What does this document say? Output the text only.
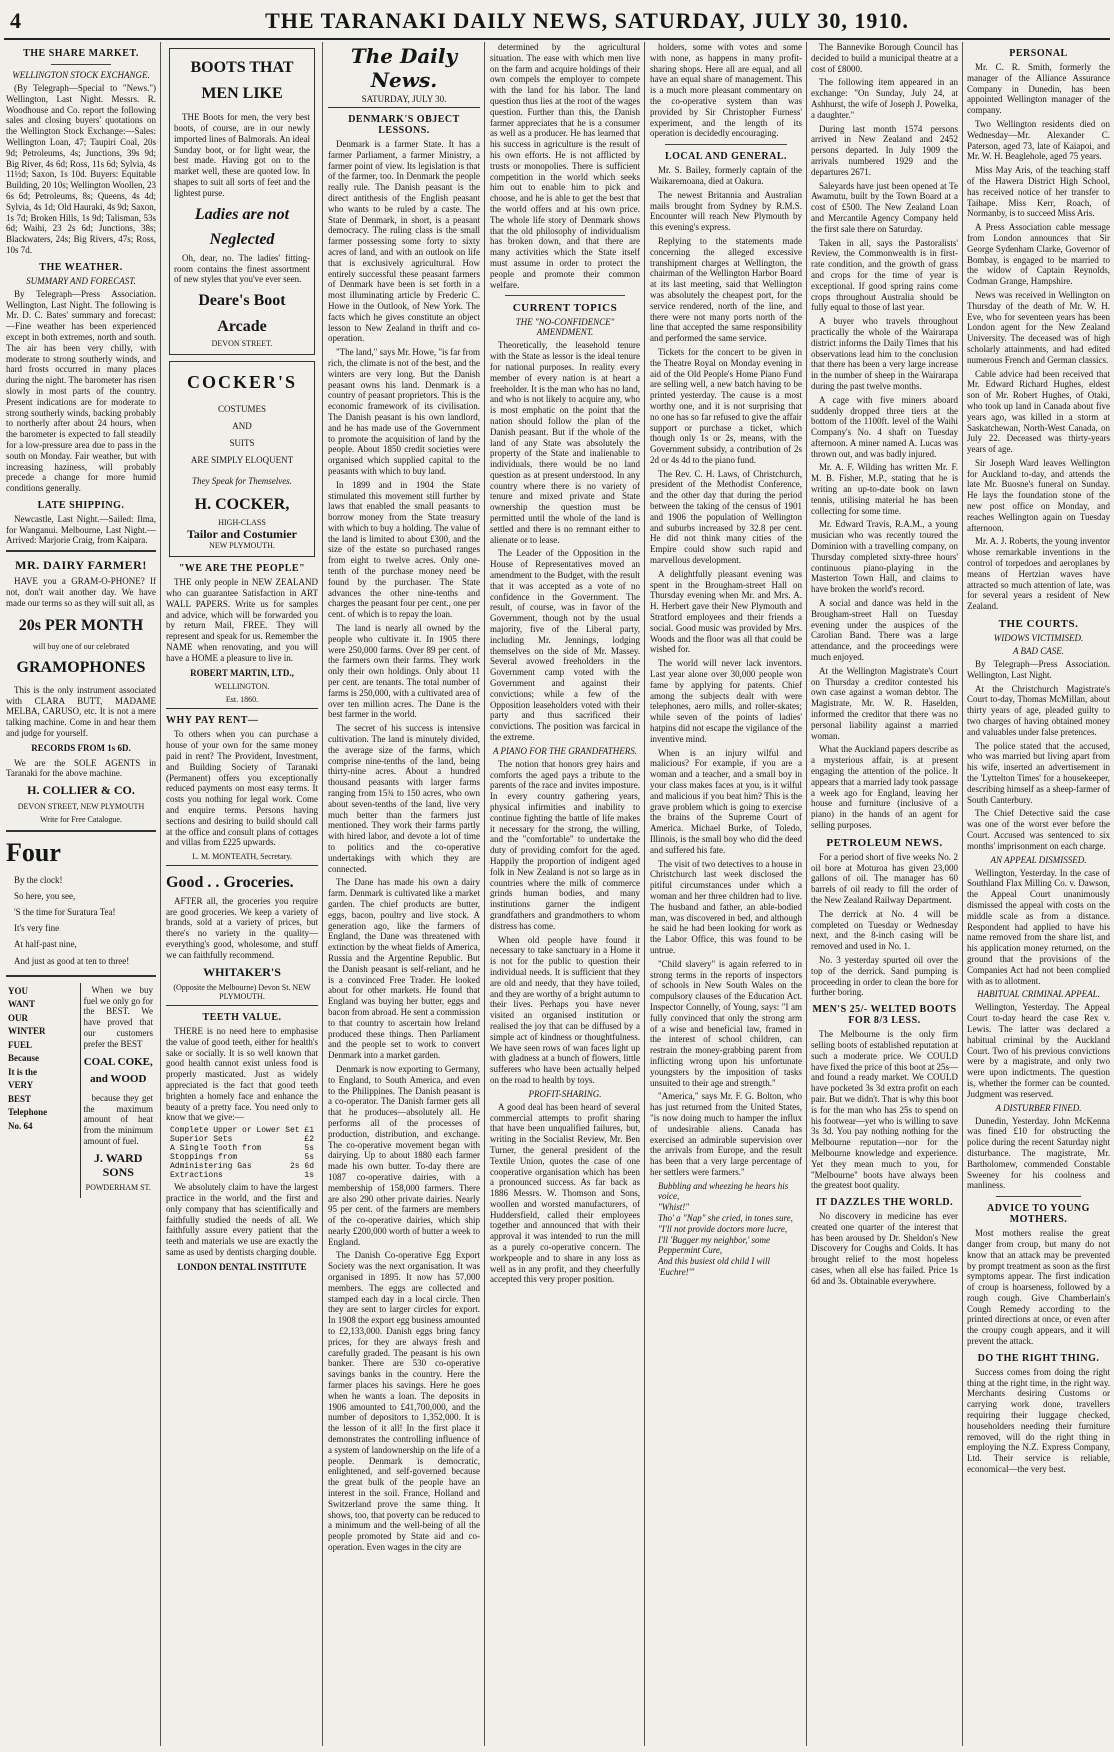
4	THE TARANAKI DAILY NEWS, SATURDAY, JULY 30, 1910.
THE SHARE MARKET.
WELLINGTON STOCK EXCHANGE.

(By Telegraph—Special to "News.") Wellington, Last Night. Messrs. R. Woodhouse and Co. report the following sales and closing buyers' quotations on the Wellington Stock Exchange:—Sales: Wellington Loan, 47; Taupiri Coal, 20s 9d; Petroleums, 4s; Junctions, 39s 9d; Big River, 4s 6d; Ross, 11s 6d; Sylvia, 4s 11½d; Saxon, 1s 10d. Buyers: Equitable Building, 20 10s; Wellington Woollen, 23 6s 6d; Petroleums, 8s; Queens, 4s 4d; Sylvia, 4s 1d; Old Hauraki, 4s 9d; Saxon, 1s 7d; Broken Hills, 1s 9d; Talisman, 53s 6d; Waihi, 23 2s 6d; Junctions, 38s; Blackwaters, 24s; Big Rivers, 47s; Ross, 10s 7d.

THE WEATHER.
SUMMARY AND FORECAST.

By Telegraph—Press Association. Wellington, Last Night. The following is Mr. D. C. Bates' summary and forecast:—Fine weather has been experienced except in both extremes, north and south. The air has been very chilly, with moderate to strong southerly winds, and hard frosts occurred in many places during the night. The barometer has risen slowly in most parts of the country. Present indications are for moderate to strong southerly winds, backing probably to northerly after about 24 hours, when the barometer is expected to fall steadily for a low-pressure area due to pass in the south on Monday. Fair weather, but with increasing haziness, will probably precede a change for more humid conditions generally.

LATE SHIPPING.

Newcastle, Last Night.—Sailed: Ilma, for Wanganui. Melbourne, Last Night.—Arrived: Marjorie Craig, from Kaipara.

MR. DAIRY FARMER!

HAVE you a GRAM-O-PHONE? If not, don't wait another day. We have made our terms so as they will suit all, as

20s PER MONTH
will buy one of our celebrated
GRAMOPHONES

This is the only instrument associated with CLARA BUTT, MADAME MELBA, CARUSO, etc. It is not a mere talking machine. Come in and hear them and judge for yourself.

RECORDS FROM 1s 6D.

We are the SOLE AGENTS in Taranaki for the above machine.

H. COLLIER & CO.
DEVON STREET, NEW PLYMOUTH
Write for Free Catalogue.
Four
By the clock!
So here, you see,
'S the time for Suratura Tea!
It's very fine
At half-past nine,
And just as good at ten to three!
YOU
WANT
OUR
WINTER
FUEL
Because
It is the
VERY
BEST
Telephone
No. 64

When we buy fuel we only go for the BEST. We have proved that our customers prefer the BEST

COAL COKE, and WOOD

because they get the maximum amount of heat from the minimum amount of fuel.

J. WARD SONS
POWDERHAM ST.
BOOTS THAT MEN LIKE

THE Boots for men, the very best boots, of course, are in our newly imported lines of Balmorals. An ideal Sunday boot, or for light wear, the best made. Having got on to the market well, these are quoted low. In shapes to suit all sorts of feet and the lightest purse.

Ladies are not Neglected

Oh, dear, no. The ladies' fitting-room contains the finest assortment of new styles that you've ever seen.

Deare's Boot Arcade
DEVON STREET.
COCKER'S
COSTUMES
AND
SUITS
ARE SIMPLY ELOQUENT
They Speak for Themselves.
H. COCKER,
HIGH-CLASS
Tailor and Costumier
NEW PLYMOUTH.
"WE ARE THE PEOPLE"

THE only people in NEW ZEALAND who can guarantee Satisfaction in ART WALL PAPERS. Write us for samples and advice, which will be forwarded you by return Mail, FREE. They will represent and speak for us. Remember the NAME when renovating, and you will have a HOME a pleasure to live in.

ROBERT MARTIN, LTD.,
WELLINGTON.
Est. 1860.
WHY PAY RENT—

To others when you can purchase a house of your own for the same money paid in rent? The Provident, Investment, and Building Society of Taranaki (Permanent) offers you exceptionally reduced payments on most easy terms. It costs you nothing for legal work. Come and enquire terms. Persons having sections and desiring to build should call at the office and consult plans of cottages and villas from £225 upwards.

L. M. MONTEATH, Secretary.
Good . . Groceries.

AFTER all, the groceries you require are good groceries. We keep a variety of brands, sold at a variety of prices, but there's no variety in the quality—everything's good, wholesome, and stuff we can faithfully recommend.

WHITAKER'S
(Opposite the Melbourne) Devon St. NEW PLYMOUTH.
TEETH VALUE.

THERE is no need here to emphasise the value of good teeth, either for health's sake or socially. It is so well known that good health cannot exist unless food is properly masticated. Just as widely appreciated is the fact that good teeth brighten a homely face and enhance the beauty of a pretty face. You need only to know that we give:—

Complete Upper or Lower Set £1
Superior Sets	£2
A Single Tooth from	5s
Stoppings from	5s
Administering Gas	2s 6d
Extractions	1s

We absolutely claim to have the largest practice in the world, and the first and only company that has scientifically and faithfully studied the needs of all. We faithfully assure every patient that the teeth and materials we use are exactly the same as used by dentists charging double.

LONDON DENTAL INSTITUTE
The Daily News.
SATURDAY, JULY 30.
DENMARK'S OBJECT LESSONS.

Denmark is a farmer State. It has a farmer Parliament, a farmer Ministry, a farmer point of view. Its legislation is that of the farmer, too. In Denmark the people really rule. The Danish peasant is the direct antithesis of the English peasant who wants to be ruled by a caste. The State of Denmark, in short, is a peasant democracy. The ruling class is the small farmer possessing some forty to sixty acres of land, and with an outlook on life that is exclusively agricultural. How entirely successful these peasant farmers of Denmark have been is set forth in a most illuminating article by Frederic C. Howe in the Outlook, of New York. The facts which he gives constitute an object lesson to New Zealand in thrift and co-operation.

"The land," says Mr. Howe, "is far from rich, the climate is not of the best, and the winters are very long. But the Danish peasant owns his land. Denmark is a country of peasant proprietors. This is the economic framework of its civilisation. The Danish peasant is his own landlord, and he has made use of the Government to promote the acquisition of land by the people. About 1850 credit societies were organised which supplied capital to the peasants with which to buy land.

In 1899 and in 1904 the State stimulated this movement still further by laws that enabled the small peasants to borrow money from the State treasury with which to buy a holding. The value of the land is limited to about £300, and the size of the estate so purchased ranges from eight to twelve acres. Only one-tenth of the purchase money need be found by the purchaser. The State advances the other nine-tenths and charges the peasant four per cent., one per cent. of which is to repay the loan.

The land is nearly all owned by the people who cultivate it. In 1905 there were 250,000 farms. Over 89 per cent. of the farmers own their farms. They work only their own holdings. Only about 11 per cent. are tenants. The total number of farms is 250,000, with a cultivated area of over ten million acres. The Dane is the best farmer in the world.

The secret of his success is intensive cultivation. The land is minutely divided, the average size of the farms, which comprise nine-tenths of the land, being thirty-nine acres. About a hundred thousand peasants with larger farms ranging from 15¾ to 150 acres, who own about seven-tenths of the land, live very much better than the farmers just mentioned. They work their farms partly with hired labor, and devote a lot of time to politics and the co-operative undertakings with which they are connected.

The Dane has made his own a dairy farm. Denmark is cultivated like a market garden. The chief products are butter, eggs, bacon, poultry and live stock. A generation ago, like the farmers of England, the Dane was threatened with extinction by the wheat fields of America, Russia and the Argentine Republic. But the Danish peasant is self-reliant, and he is a convinced Free Trader. He looked about for other markets. He found that England was buying her butter, eggs and bacon from abroad. He sent a commission to that country to ascertain how Ireland produced these things. Then Parliament and the people set to work to convert Denmark into a market garden.

Denmark is now exporting to Germany, to England, to South America, and even to the Philippines. The Danish peasant is a co-operator. The Danish farmer gets all that he produces—absolutely all. He performs all of the processes of production, distribution, and exchange. The co-operative movement began with dairying. Up to about 1880 each farmer made his own butter. To-day there are 1087 co-operative dairies, with a membership of 158,000 farmers. There are also 290 other private dairies. Nearly 95 per cent. of the farmers are members of the co-operative dairies, which ship nearly £200,000 worth of butter a week to England.

The Danish Co-operative Egg Export Society was the next organisation. It was organised in 1895. It now has 57,000 members. The eggs are collected and stamped each day in a local circle. Then they are sent to larger circles for export. In 1908 the export egg business amounted to £2,133,000. Danish eggs bring fancy prices, for they are always fresh and carefully graded. The peasant is his own banker. There are 530 co-operative savings banks in the country. Here the farmer places his savings. Here he goes when he wants a loan. The deposits in 1906 amounted to £41,700,000, and the number of depositors to 1,352,000. It is the lesson of it all! In the first place it demonstrates the controlling influence of a system of landownership on the life of a people. Denmark is democratic, enlightened, and self-governed because the great bulk of the people have an interest in the soil. France, Holland and Switzerland prove the same thing. It shows, too, that poverty can be reduced to a minimum and the well-being of all the people promoted by State aid and co-operation. Even wages in the city are

determined by the agricultural situation. The ease with which men live on the farm and acquire holdings of their own compels the employer to compete with the land for his labor. The land question thus lies at the root of the wages question. Further than this, the Danish farmer appreciates that he is a consumer as well as a producer. He has learned that his success in agriculture is the result of his own efforts. He is not afflicted by trusts or monopolies. There is sufficient competition in the world which seeks him out to enable him to pick and choose, and he is able to get the best that the world offers and at his own price. The whole life story of Denmark shows that the old philosophy of individualism has broken down, and that there are many activities which the State itself must assume in order to protect the people and promote their common welfare.

CURRENT TOPICS
THE "NO-CONFIDENCE" AMENDMENT.

Theoretically, the leasehold tenure with the State as lessor is the ideal tenure for national purposes. In reality every member of every nation is at heart a freeholder. It is the man who has no land, and who is not likely to acquire any, who is most emphatic on the point that the nation should follow the plan of the Danish peasant. But if the whole of the land of any State was absolutely the property of the State and inalienable to individuals, there would be no land question as at present understood. In any country where there is no variety of tenure and mixed private and State ownership the question must be permitted until the whole of the land is settled and there is no remnant either to alienate or to lease.

The Leader of the Opposition in the House of Representatives moved an amendment to the Budget, with the result that it was accepted as a vote of no confidence in the Government. The result, of course, was in favor of the Government, though not by the usual majority, five of the Liberal party, including Mr. Jennings, lodging themselves on the side of Mr. Massey. Several avowed freeholders in the Government camp voted with the Government and against their convictions; while a few of the Opposition leaseholders voted with their party and thus sacrificed their convictions. The position was farcical in the extreme.

A PIANO FOR THE GRANDFATHERS.

The notion that honors grey hairs and comforts the aged pays a tribute to the parents of the race and invites imposture. In every country gathering years, physical infirmities and inability to continue fighting the battle of life makes it necessary for the strong, the willing, and the "comfortable" to undertake the duty of providing comfort for the aged. Happily the proportion of indigent aged folk in New Zealand is not so large as in countries where the milk of commerce grinds human bodies, and many institutions garner the indigent grandfathers and grandmothers to whom distress has come.

When old people have found it necessary to take sanctuary in a Home it is not for the public to question their individual needs. It is sufficient that they are old and needy, that they have toiled, and they are worthy of a bright autumn to their lives. Perhaps you have never visited an organised institution or realised the joy that can be diffused by a simple act of kindness or thoughtfulness. We have seen rows of wan faces light up with gladness at a bunch of flowers, little sufferers who have been actually helped on the road to health by toys.

PROFIT-SHARING.

A good deal has been heard of several commercial attempts to profit sharing that have been unqualified failures, but, writing in the Socialist Review, Mr. Ben Turner, the general president of the Textile Union, quotes the case of one cooperative organisation which has been a pronounced success. As far back as 1886 Messrs. W. Thomson and Sons, woollen and worsted manufacturers, of Huddersfield, called their employees together and announced that with their approval it was intended to run the mill as a purely co-operative concern. The workpeople and to share in any loss as well as in any profit, and they cheerfully accepted this very proper position.

holders, some with votes and some with none, as happens in many profit-sharing shops. Here all are equal, and all have an equal share of management. This is a much more pleasant commentary on the co-operative system than was provided by Sir Christopher Furness' experiment, and the length of its operation is decidedly encouraging.

LOCAL AND GENERAL.

Mr. S. Bailey, formerly captain of the Waikaremoana, died at Oakura.

The newest Britannia and Australian mails brought from Sydney by R.M.S. Encounter will reach New Plymouth by this evening's express.

Replying to the statements made concerning the alleged excessive transhipment charges at Wellington, the chairman of the Wellington Harbor Board at its last meeting, said that Wellington was absolutely the cheapest port, for the service rendered, north of the line, and there were not many ports north of the line that accepted the same responsibility and performed the same service.

Tickets for the concert to be given in the Theatre Royal on Monday evening in aid of the Old People's Home Piano Fund are selling well, a new batch having to be printed yesterday. The cause is a most worthy one, and it is not surprising that no one has so far refused to give the affair support or purchase a ticket, which though only 1s or 2s, means, with the Government subsidy, a contribution of 2s 2d or 4s 4d to the piano fund.

The Rev. C. H. Laws, of Christchurch, president of the Methodist Conference, and the other day that during the period between the taking of the census of 1901 and 1906 the population of Wellington and suburbs increased by 32.8 per cent. He did not think many cities of the Empire could show such rapid and marvellous development.

A delightfully pleasant evening was spent in the Brougham-street Hall on Thursday evening when Mr. and Mrs. A. H. Herbert gave their New Plymouth and Stratford employees and their friends a social. Good music was provided by Mrs. Woods and the floor was all that could be wished for.

The world will never lack inventors. Last year alone over 30,000 people won fame by applying for patents. Chief among the subjects dealt with were telephones, aero mills, and roller-skates; while seven of the points of ladies' hatpins did not escape the vigilance of the inventive mind.

When is an injury wilful and malicious? For example, if you are a woman and a teacher, and a small boy in your class makes faces at you, is it wilful and malicious if you beat him? This is the grave problem which is going to exercise the brains of the Supreme Court of America. Michael Burke, of Toledo, Illinois, is the small boy who did the deed and suffered his fate.

The visit of two detectives to a house in Christchurch last week disclosed the pitiful circumstances under which a woman and her three children had to live. The husband and father, an able-bodied man, was discovered in bed, and although he said he had been looking for work as the Labor Office, this was found to be untrue.

"Child slavery" is again referred to in strong terms in the reports of inspectors of schools in New South Wales on the compulsory clauses of the Education Act. Inspector Connelly, of Young, says: "I am fully convinced that only the strong arm of a wise and beneficial law, framed in the interest of school children, can restrain the money-grabbing parent from inflicting wrong upon his unfortunate youngsters by the imposition of tasks unsuited to their age and strength."

"America," says Mr. F. G. Bolton, who has just returned from the United States, "is now doing much to hamper the influx of undesirable aliens. Canada has exercised an admirable supervision over the arrivals from Europe, and the result has been that a very large percentage of her settlers were farmers."

Bubbling and wheezing he hears his voice,
"Whist!"
Tho' a "Nap" she cried, in tones sure,
"I'll not provide doctors more lucre,
I'll 'Bugger my neighbor,' some Peppermint Cure,
And this busiest old child I will 'Euchre!'"

The Bannevike Borough Council has decided to build a municipal theatre at a cost of £8000.

The following item appeared in an exchange: "On Sunday, July 24, at Ashhurst, the wife of Joseph J. Powelka, a daughter."

During last month 1574 persons arrived in New Zealand and 2452 persons departed. In July 1909 the arrivals numbered 1929 and the departures 2671.

Saleyards have just been opened at Te Awamutu, built by the Town Board at a cost of £500. The New Zealand Loan and Mercantile Agency Company held the first sale there on Saturday.

Taken in all, says the Pastoralists' Review, the Commonwealth is in first-rate condition, and the growth of grass and crops for the time of year is exceptional. If good spring rains come crops throughout Australia should be fully equal to those of last year.

A buyer who travels throughout practically the whole of the Wairarapa district informs the Daily Times that his observations lead him to the conclusion that there has been a very large increase in the number of sheep in the Wairarapa during the past twelve months.

A cage with five miners aboard suddenly dropped three tiers at the bottom of the 1100ft. level of the Waihi Company's No. 4 shaft on Tuesday afternoon. A miner named A. Lucas was thrown out, and was badly injured.

Mr. A. F. Wilding has written Mr. F. M. B. Fisher, M.P., stating that he is writing an up-to-date book on lawn tennis, utilising material he has been collecting for some time.

Mr. Edward Travis, R.A.M., a young musician who was recently toured the Dominion with a travelling company, on Thursday completed sixty-three hours' continuous piano-playing in the Masterton Town Hall, and claims to have broken the world's record.

A social and dance was held in the Brougham-street Hall on Tuesday evening under the auspices of the Carolian Band. There was a large attendance, and the proceedings were much enjoyed.

At the Wellington Magistrate's Court on Thursday a creditor contested his own case against a woman debtor. The Magistrate, Mr. W. R. Haselden, informed the creditor that there was no personal liability against a married woman.

What the Auckland papers describe as a mysterious affair, is at present engaging the attention of the police. It appears that a married lady took passage a week ago for England, leaving her house and furniture (inclusive of a piano) in the hands of an agent for selling purposes.

PETROLEUM NEWS.

For a period short of five weeks No. 2 oil bore at Moturoa has given 23,000 gallons of oil. The manager has 60 barrels of oil ready to fill the order of the New Zealand Railway Department.

The derrick at No. 4 will be completed on Tuesday or Wednesday next, and the 8-inch casing will be removed and used in No. 1.

No. 3 yesterday spurted oil over the top of the derrick. Sand pumping is proceeding in order to clean the bore for further boring.

MEN'S 25/- WELTED BOOTS FOR 8/3 LESS.

The Melbourne is the only firm selling boots of established reputation at such a moderate price. We COULD have fixed the price of this boot at 25s—and found a ready market. We COULD have pocketed 3s 3d extra profit on each pair. But we didn't. That is why this boot is for the man who has 25s to spend on his footwear—yet who is willing to save 3s 3d. You pay nothing nothing for the Melbourne reputation—nor for the Melbourne knowledge and experience. Yet they mean much to you, for "Melbourne" boots have always been the greatest boot quality.

IT DAZZLES THE WORLD.

No discovery in medicine has ever created one quarter of the interest that has been aroused by Dr. Sheldon's New Discovery for Coughs and Colds. It has brought relief to the most hopeless cases, when all else has failed. Price 1s 6d and 3s. Obtainable everywhere.

PERSONAL

Mr. C. R. Smith, formerly the manager of the Alliance Assurance Company in Dunedin, has been appointed Wellington manager of the company.

Two Wellington residents died on Wednesday—Mr. Alexander C. Paterson, aged 73, late of Kaiapoi, and Mr. W. H. Beaglehole, aged 75 years.

Miss May Aris, of the teaching staff of the Hawera District High School, has received notice of her transfer to Taihape. Miss Kerr, Roach, of Normanby, is to succeed Miss Aris.

A Press Association cable message from London announces that Sir George Sydenham Clarke, Governor of Bombay, is engaged to be married to the widow of Captain Reynolds, Codman Grange, Hampshire.

News was received in Wellington on Thursday of the death of Mr. W. H. Eve, who for seventeen years has been London agent for the New Zealand University. The deceased was of high scholarly attainments, and had edited numerous French and German classics.

Cable advice had been received that Mr. Edward Richard Hughes, eldest son of Mr. Robert Hughes, of Otaki, who took up land in Canada about five years ago, was killed in a storm at Saskatchewan, North-West Canada, on July 22. Deceased was thirty-years years of age.

Sir Joseph Ward leaves Wellington for Auckland to-day, and attends the late Mr. Buosne's funeral on Sunday. He lays the foundation stone of the new post office on Monday, and reaches Wellington again on Tuesday afternoon.

Mr. A. J. Roberts, the young inventor whose remarkable inventions in the control of torpedoes and aeroplanes by means of Hertzian waves have attracted so much attention of late, was for several years a resident of New Zealand.

THE COURTS.
WIDOWS VICTIMISED.
A BAD CASE.

By Telegraph—Press Association. Wellington, Last Night.

At the Christchurch Magistrate's Court to-day, Thomas McMillan, about thirty years of age, pleaded guilty to two charges of having obtained money and valuables under false pretences.

The police stated that the accused, who was married but living apart from his wife, inserted an advertisement in the 'Lyttelton Times' for a housekeeper, describing himself as a sheep-farmer of South Canterbury.

The Chief Detective said the case was one of the worst ever before the Court. Accused was sentenced to six months' imprisonment on each charge.

AN APPEAL DISMISSED.

Wellington, Yesterday. In the case of Southland Flax Milling Co. v. Dawson, the Appeal Court unanimously dismissed the appeal with costs on the middle scale as from a distance. Respondent had applied to have his name removed from the share list, and his application money returned, on the ground that the provisions of the Companies Act had not been complied with as to allotment.

HABITUAL CRIMINAL APPEAL.

Wellington, Yesterday. The Appeal Court to-day heard the case Rex v. Lewis. The latter was declared a habitual criminal by the Auckland Court. Two of his previous convictions were by a magistrate, and only two were upon indictments. The question is, whether the former can be counted. Judgment was reserved.

A DISTURBER FINED.

Dunedin, Yesterday. John McKenna was fined £10 for obstructing the police during the recent Saturday night disturbance. The magistrate, Mr. Bartholomew, commended Constable Sweeney for his coolness and manliness.

ADVICE TO YOUNG MOTHERS.

Most mothers realise the great danger from croup, but many do not know that an attack may be prevented by prompt treatment as soon as the first symptoms appear. The first indication of croup is hoarseness, followed by a rough cough. Give Chamberlain's Cough Remedy according to the printed directions at once, or even after the croupy cough appears, and it will prevent the attack.

DO THE RIGHT THING.

Success comes from doing the right thing at the right time, in the right way. Merchants desiring Customs or carrying work done, travellers requiring their luggage checked, householders needing their furniture removed, will do the right thing in employing the N.Z. Express Company, Ltd. Their service is reliable, economical—the very best.
